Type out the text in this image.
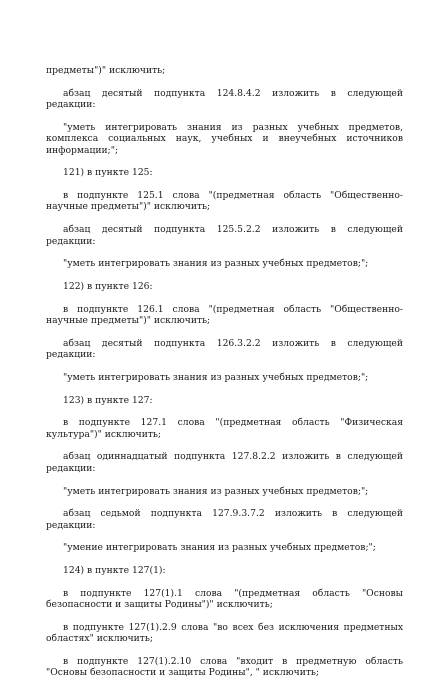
предметы")" исключить;

абзац десятый подпункта 124.8.4.2 изложить в следующей редакции:

"уметь интегрировать знания из разных учебных предметов, комплекса социальных наук, учебных и внеучебных источников информации;";

121) в пункте 125:

в подпункте 125.1 слова "(предметная область "Общественно-научные предметы")" исключить;

абзац десятый подпункта 125.5.2.2 изложить в следующей редакции:

"уметь интегрировать знания из разных учебных предметов;";

122) в пункте 126:

в подпункте 126.1 слова "(предметная область "Общественно-научные предметы")" исключить;

абзац десятый подпункта 126.3.2.2 изложить в следующей редакции:

"уметь интегрировать знания из разных учебных предметов;";

123) в пункте 127:

в подпункте 127.1 слова "(предметная область "Физическая культура")" исключить;

абзац одиннадцатый подпункта 127.8.2.2 изложить в следующей редакции:

"уметь интегрировать знания из разных учебных предметов;";

абзац седьмой подпункта 127.9.3.7.2 изложить в следующей редакции:

"умение интегрировать знания из разных учебных предметов;";

124) в пункте 127(1):

в подпункте 127(1).1 слова "(предметная область "Основы безопасности и защиты Родины")" исключить;

в подпункте 127(1).2.9 слова "во всех без исключения предметных областях" исключить;

в подпункте 127(1).2.10 слова "входит в предметную область "Основы безопасности и защиты Родины", " исключить;
